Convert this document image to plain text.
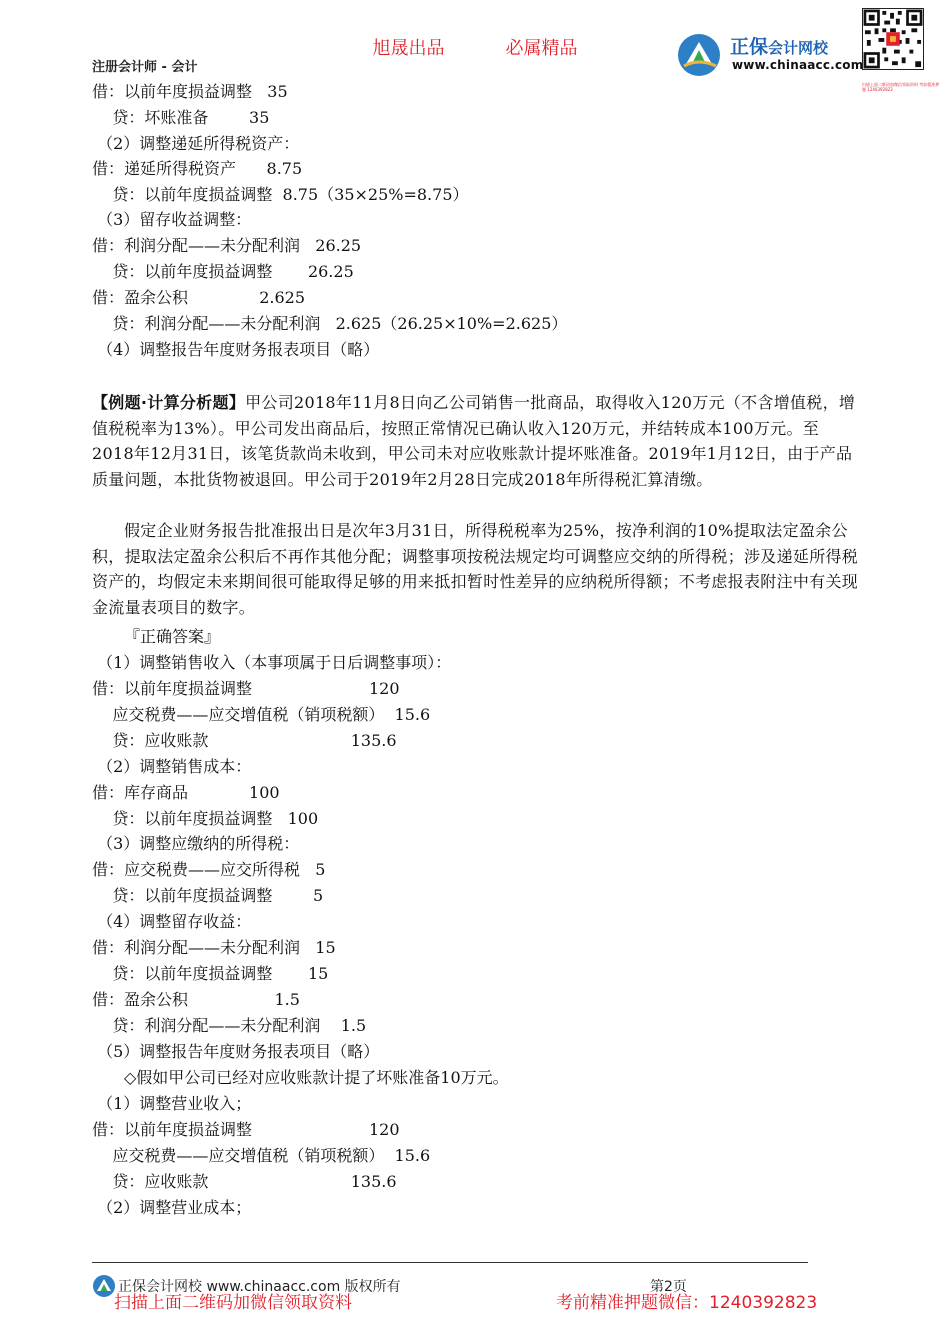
旭晟出品	必属精品
注册会计师 - 会计
正保会计网校
www.chinaacc.com
扫描上面二维码加微信领取资料 考前精准押题 1240392823
借：以前年度损益调整   35
贷：坏账准备        35
（2）调整递延所得税资产：
借：递延所得税资产      8.75
贷：以前年度损益调整  8.75（35×25%=8.75）
（3）留存收益调整：
借：利润分配——未分配利润   26.25
贷：以前年度损益调整       26.25
借：盈余公积              2.625
贷：利润分配——未分配利润   2.625（26.25×10%=2.625）
（4）调整报告年度财务报表项目（略）
【例题·计算分析题】甲公司2018年11月8日向乙公司销售一批商品，取得收入120万元（不含增值税，增值税税率为13%）。甲公司发出商品后，按照正常情况已确认收入120万元，并结转成本100万元。至2018年12月31日，该笔货款尚未收到，甲公司未对应收账款计提坏账准备。2019年1月12日，由于产品质量问题，本批货物被退回。甲公司于2019年2月28日完成2018年所得税汇算清缴。
假定企业财务报告批准报出日是次年3月31日，所得税税率为25%，按净利润的10%提取法定盈余公积，提取法定盈余公积后不再作其他分配；调整事项按税法规定均可调整应交纳的所得税；涉及递延所得税资产的，均假定未来期间很可能取得足够的用来抵扣暂时性差异的应纳税所得额；不考虑报表附注中有关现金流量表项目的数字。
『正确答案』
（1）调整销售收入（本事项属于日后调整事项）：
借：以前年度损益调整                       120
应交税费——应交增值税（销项税额）  15.6
贷：应收账款                            135.6
（2）调整销售成本：
借：库存商品            100
贷：以前年度损益调整   100
（3）调整应缴纳的所得税：
借：应交税费——应交所得税   5
贷：以前年度损益调整        5
（4）调整留存收益：
借：利润分配——未分配利润   15
贷：以前年度损益调整       15
借：盈余公积                 1.5
贷：利润分配——未分配利润    1.5
（5）调整报告年度财务报表项目（略）
◇假如甲公司已经对应收账款计提了坏账准备10万元。
（1）调整营业收入；
借：以前年度损益调整                       120
应交税费——应交增值税（销项税额）  15.6
贷：应收账款                            135.6
（2）调整营业成本；
正保会计网校 www.chinaacc.com 版权所有	第2页
扫描上面二维码加微信领取资料	考前精准押题微信：1240392823
